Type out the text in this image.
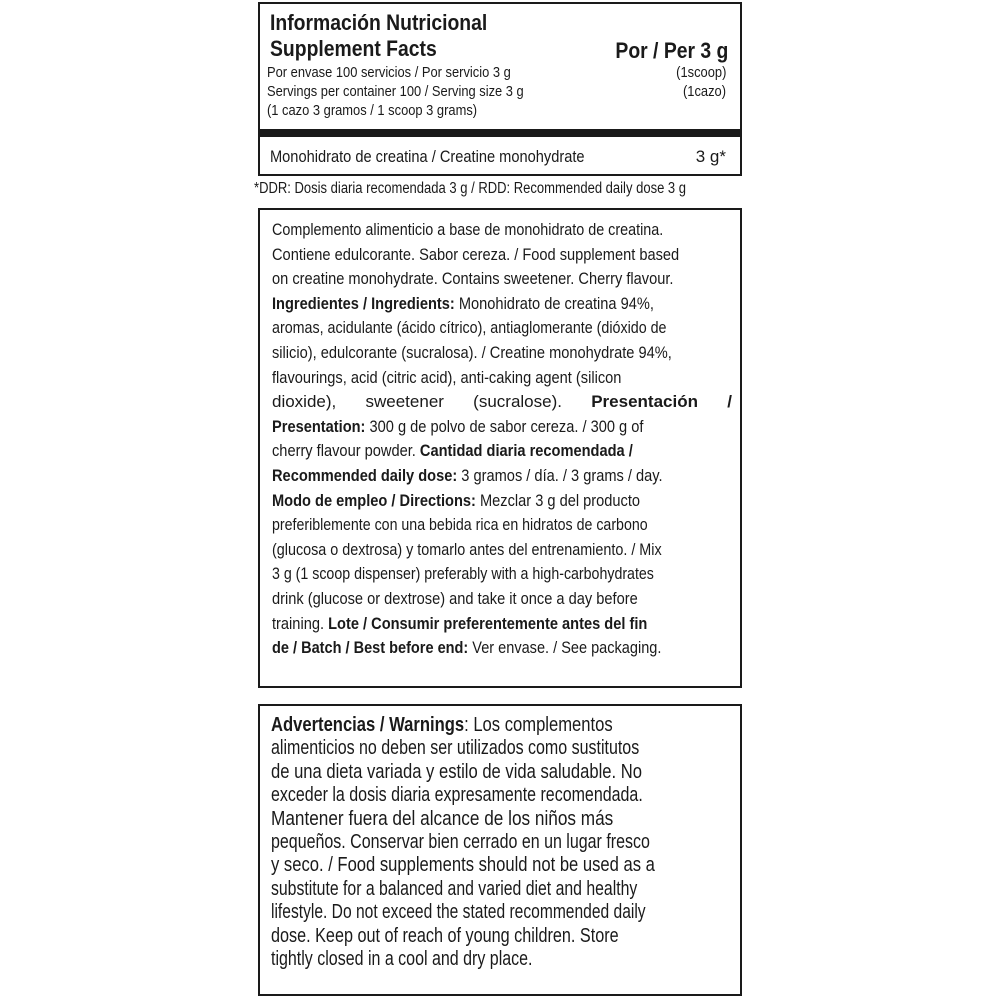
Información Nutricional
Supplement Facts	Por / Per 3 g
Por envase 100 servicios / Por servicio 3 g	(1scoop)
Servings per container 100 / Serving size 3 g	(1cazo)
(1 cazo 3 gramos / 1 scoop 3 grams)
Monohidrato de creatina / Creatine monohydrate	3 g*
*DDR: Dosis diaria recomendada 3 g / RDD: Recommended daily dose 3 g
Complemento alimenticio a base de monohidrato de creatina.
Contiene edulcorante. Sabor cereza. / Food supplement based
on creatine monohydrate. Contains sweetener. Cherry flavour.
Ingredientes / Ingredients: Monohidrato de creatina 94%,
aromas, acidulante (ácido cítrico), antiaglomerante (dióxido de
silicio), edulcorante (sucralosa). / Creatine monohydrate 94%,
flavourings, acid (citric acid), anti-caking agent (silicon
dioxide), sweetener (sucralose). Presentación /
Presentation: 300 g de polvo de sabor cereza. / 300 g of
cherry flavour powder. Cantidad diaria recomendada /
Recommended daily dose: 3 gramos / día. / 3 grams / day.
Modo de empleo / Directions: Mezclar 3 g del producto
preferiblemente con una bebida rica en hidratos de carbono
(glucosa o dextrosa) y tomarlo antes del entrenamiento. / Mix
3 g (1 scoop dispenser) preferably with a high-carbohydrates
drink (glucose or dextrose) and take it once a day before
training. Lote / Consumir preferentemente antes del fin
de / Batch / Best before end: Ver envase. / See packaging.
Advertencias / Warnings: Los complementos
alimenticios no deben ser utilizados como sustitutos
de una dieta variada y estilo de vida saludable. No
exceder la dosis diaria expresamente recomendada.
Mantener fuera del alcance de los niños más
pequeños. Conservar bien cerrado en un lugar fresco
y seco. / Food supplements should not be used as a
substitute for a balanced and varied diet and healthy
lifestyle. Do not exceed the stated recommended daily
dose. Keep out of reach of young children. Store
tightly closed in a cool and dry place.
